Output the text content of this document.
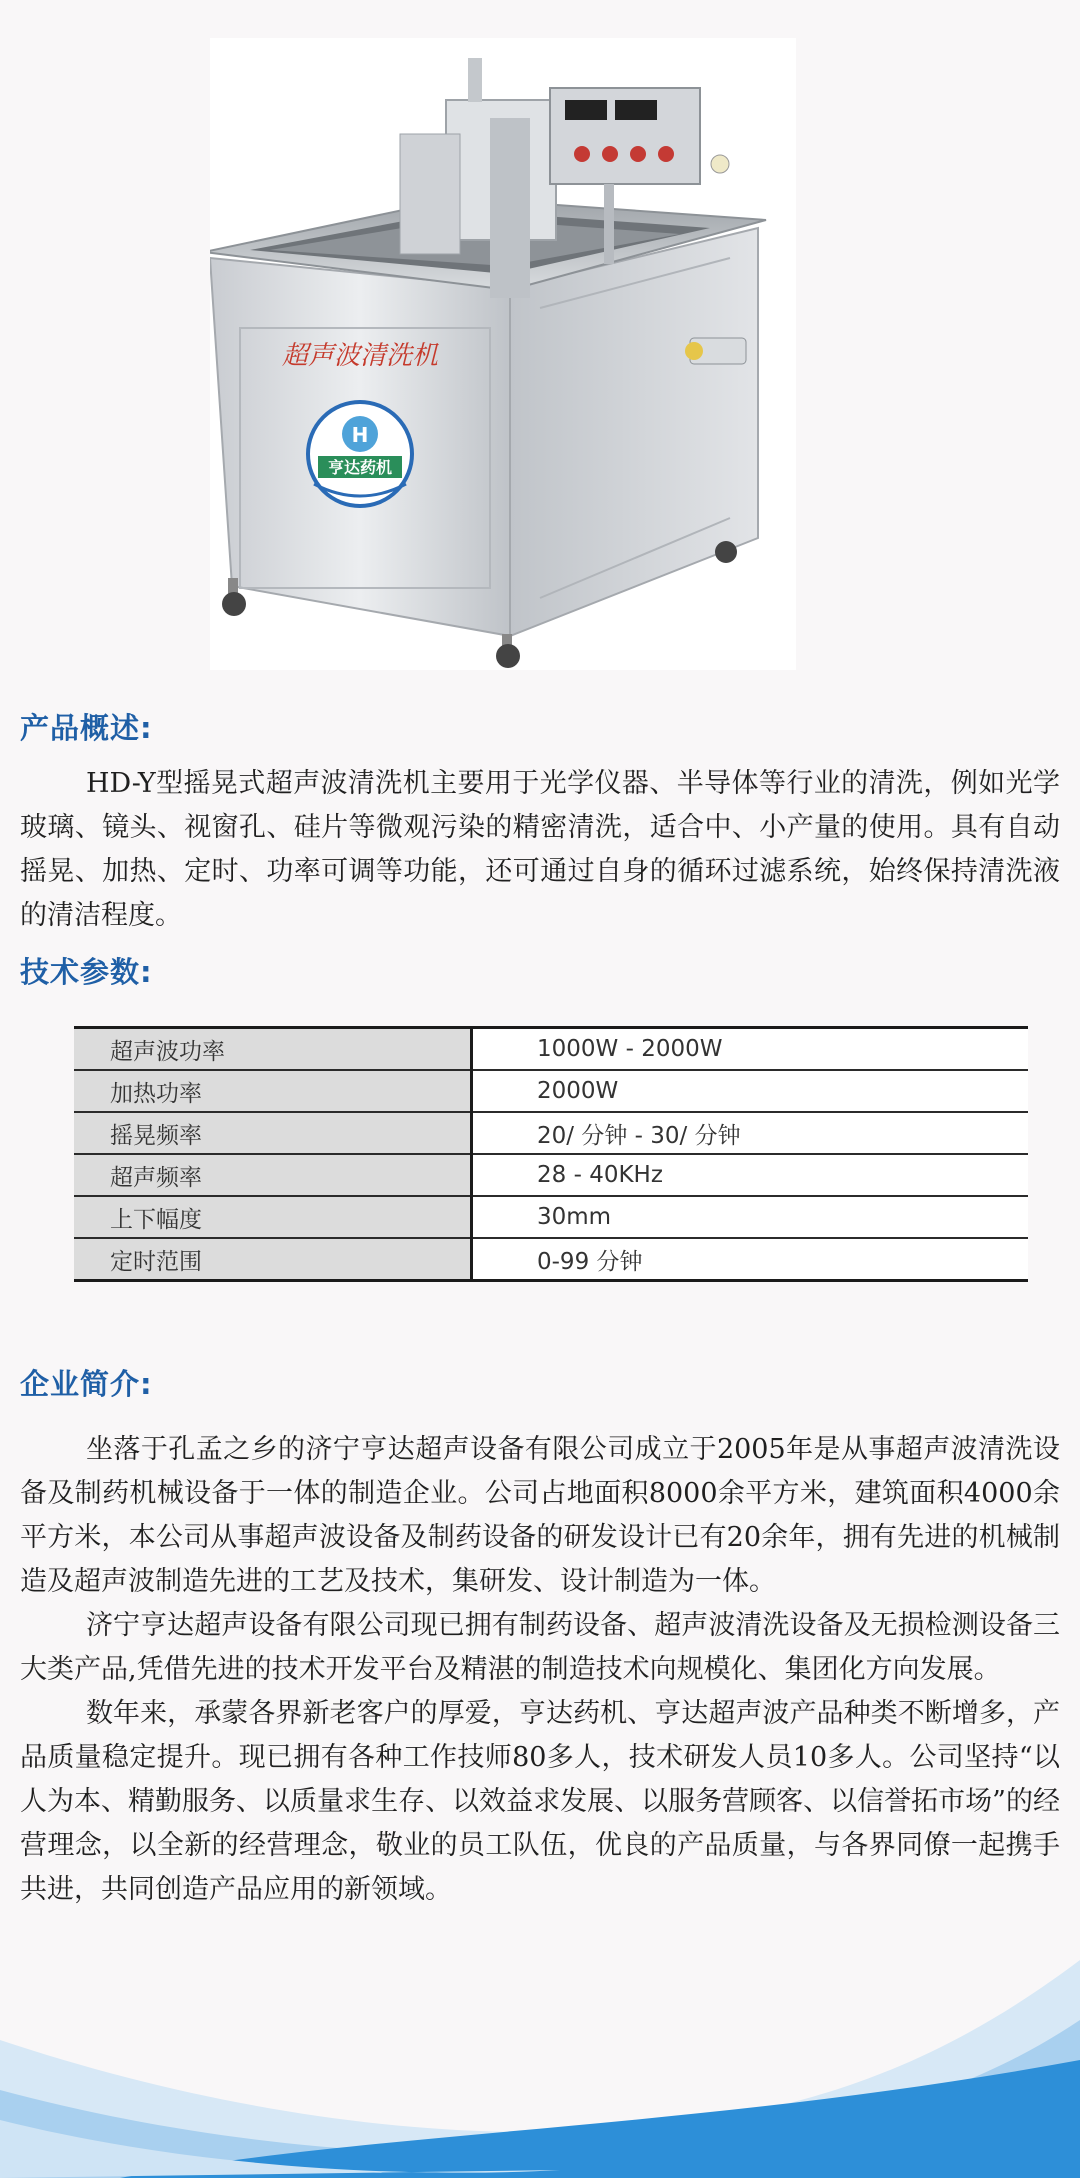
超声波清洗机
H
亨达药机
产品概述:

HD-Y型摇晃式超声波清洗机主要用于光学仪器、半导体等行业的清洗，例如光学玻璃、镜头、视窗孔、硅片等微观污染的精密清洗，适合中、小产量的使用。具有自动摇晃、加热、定时、功率可调等功能，还可通过自身的循环过滤系统，始终保持清洗液的清洁程度。

技术参数:
超声波功率	1000W - 2000W
加热功率	2000W
摇晃频率	20/ 分钟 - 30/ 分钟
超声频率	28 - 40KHz
上下幅度	30mm
定时范围	0-99 分钟
企业简介:

坐落于孔孟之乡的济宁亨达超声设备有限公司成立于2005年是从事超声波清洗设备及制药机械设备于一体的制造企业。公司占地面积8000余平方米，建筑面积4000余平方米，本公司从事超声波设备及制药设备的研发设计已有20余年，拥有先进的机械制造及超声波制造先进的工艺及技术，集研发、设计制造为一体。

济宁亨达超声设备有限公司现已拥有制药设备、超声波清洗设备及无损检测设备三大类产品,凭借先进的技术开发平台及精湛的制造技术向规模化、集团化方向发展。

数年来，承蒙各界新老客户的厚爱，亨达药机、亨达超声波产品种类不断增多，产品质量稳定提升。现已拥有各种工作技师80多人，技术研发人员10多人。公司坚持“以人为本、精勤服务、以质量求生存、以效益求发展、以服务营顾客、以信誉拓市场”的经营理念，以全新的经营理念，敬业的员工队伍，优良的产品质量，与各界同僚一起携手共进，共同创造产品应用的新领域。
